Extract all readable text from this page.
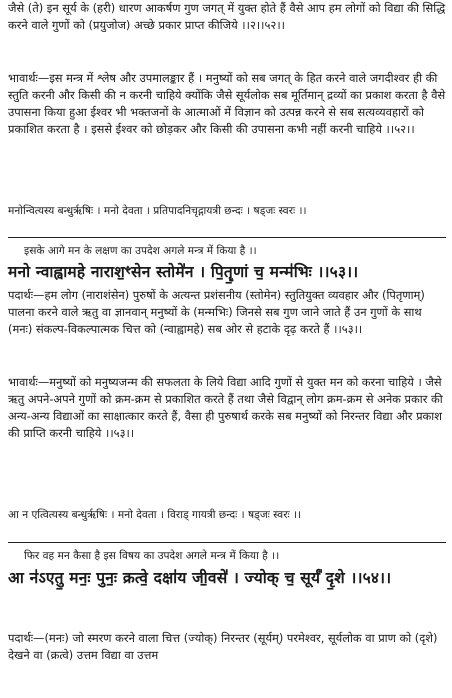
जैसे (ते) इन सूर्य के (हरी) धारण आकर्षण गुण जगत् में युक्त होते हैं वैसे आप हम लोगों को विद्या की सिद्धि करने वाले गुणों को (प्रयुजोज) अच्छे प्रकार प्राप्त कीजिये ।।२।।५२।।

भावार्थः—इस मन्त्र में श्लेष और उपमालङ्कार हैं । मनुष्यों को सब जगत् के हित करने वाले जगदीश्वर ही की स्तुति करनी और किसी की न करनी चाहिये क्योंकि जैसे सूर्यलोक सब मूर्तिमान् द्रव्यों का प्रकाश करता है वैसे उपासना किया हुआ ईश्वर भी भक्तजनों के आत्माओं में विज्ञान को उत्पन्न करने से सब सत्यव्यवहारों को प्रकाशित करता है । इससे ईश्वर को छोड़कर और किसी की उपासना कभी नहीं करनी चाहिये ।।५२।।

मनोन्वित्यस्य बन्धुर्ऋषिः । मनो देवता । प्रतिपादनिचृद्गायत्री छन्दः । षड्जः स्वरः ।।

इसके आगे मन के लक्षण का उपदेश अगले मन्त्र में किया है ।।

मनो न्वाह्वामहे नाराश॒ꣳसेन स्तोमे॑न । पि॒तॄ॒णां च॒ मन्म॑भिः ।।५३।।

पदार्थः—हम लोग (नाराशंसेन) पुरुषों के अत्यन्त प्रशंसनीय (स्तोमेन) स्तुतियुक्त व्यवहार और (पितृणाम्) पालना करने वाले ऋतु वा ज्ञानवान् मनुष्यों के (मन्मभिः) जिनसे सब गुण जाने जाते हैं उन गुणों के साथ (मनः) संकल्प-विकल्पात्मक चित्त को (न्वाह्वामहे) सब ओर से हटाके दृढ़ करते हैं ।।५३।।

भावार्थः—मनुष्यों को मनुष्यजन्म की सफलता के लिये विद्या आदि गुणों से युक्त मन को करना चाहिये । जैसे ऋतु अपने-अपने गुणों को क्रम-क्रम से प्रकाशित करते हैं तथा जैसे विद्वान् लोग क्रम-क्रम से अनेक प्रकार की अन्य-अन्य विद्याओं का साक्षात्कार करते हैं, वैसा ही पुरुषार्थ करके सब मनुष्यों को निरन्तर विद्या और प्रकाश की प्राप्ति करनी चाहिये ।।५३।।

आ न एत्वित्यस्य बन्धुर्ऋषिः । मनो देवता । विराड् गायत्री छन्दः । षड्जः स्वरः ।।

फिर वह मन कैसा है इस विषय का उपदेश अगले मन्त्र में किया है ।।

आ न॑ऽएतु॒ मनः॒ पुनः॒ क्रत्वे॒ दक्षा॑य जी॒वसे॑ । ज्योक् च॒ सूर्यं॑ दृ॒शे ।।५४।।

पदार्थः—(मनः) जो स्मरण करने वाला चित्त (ज्योक्) निरन्तर (सूर्यम्) परमेश्वर, सूर्यलोक वा प्राण को (दृशे) देखने वा (क्रत्वे) उत्तम विद्या वा उत्तम
